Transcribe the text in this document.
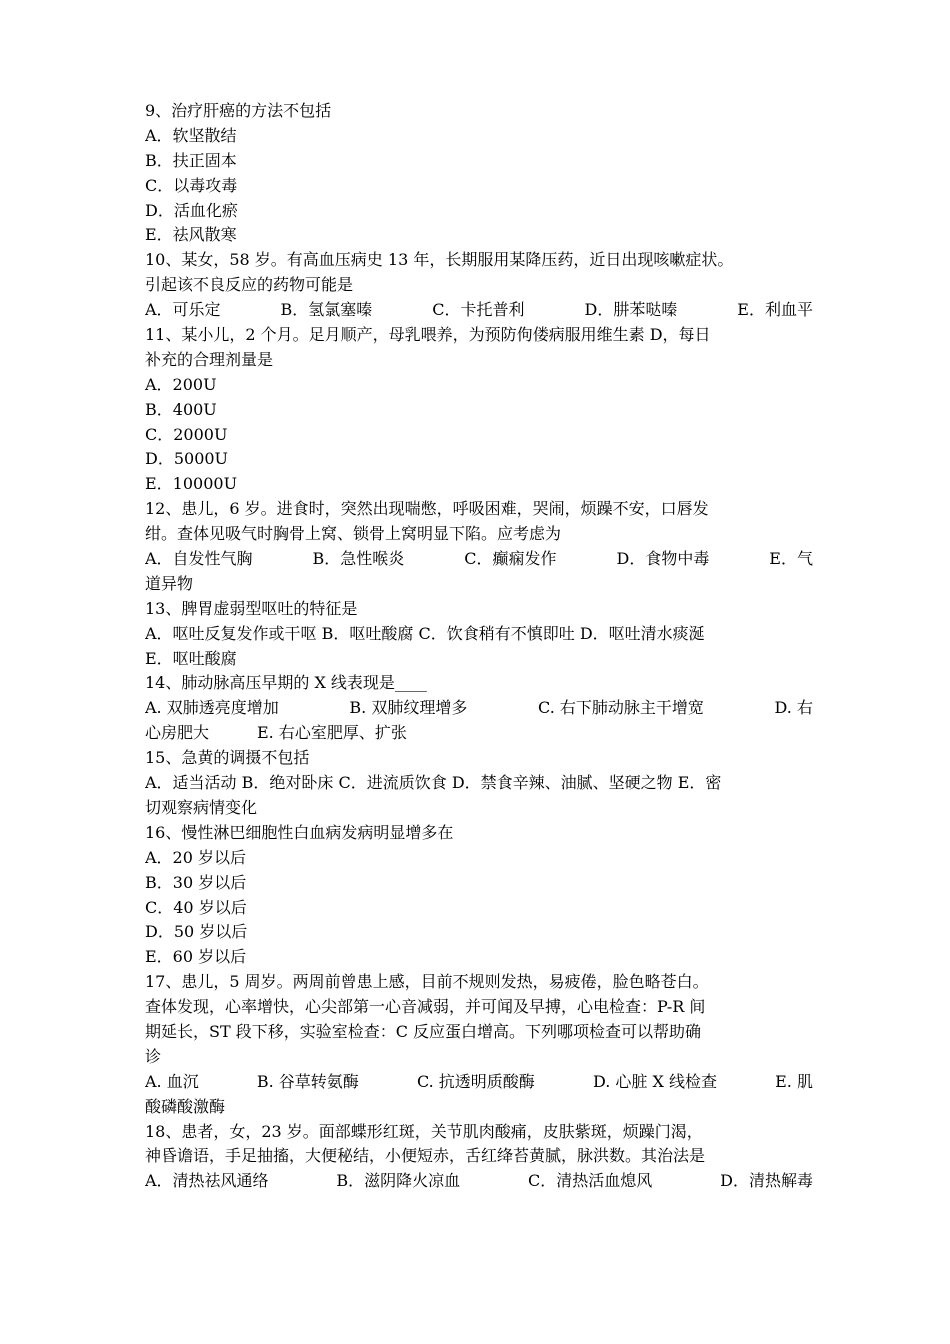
9、治疗肝癌的方法不包括
A．软坚散结
B．扶正固本
C．以毒攻毒
D．活血化瘀
E．祛风散寒
10、某女，58 岁。有高血压病史 13 年，长期服用某降压药，近日出现咳嗽症状。
引起该不良反应的药物可能是
A．可乐定	B．氢氯塞嗪	C．卡托普利	D．肼苯哒嗪	E．利血平
11、某小儿，2 个月。足月顺产，母乳喂养，为预防佝偻病服用维生素 D，每日
补充的合理剂量是
A．200U
B．400U
C．2000U
D．5000U
E．10000U
12、患儿，6 岁。进食时，突然出现喘憋，呼吸困难，哭闹，烦躁不安，口唇发
绀。查体见吸气时胸骨上窝、锁骨上窝明显下陷。应考虑为
A．自发性气胸	B．急性喉炎	C．癫痫发作	D．食物中毒	E．气
道异物
13、脾胃虚弱型呕吐的特征是
A．呕吐反复发作或干呕 B．呕吐酸腐 C．饮食稍有不慎即吐 D．呕吐清水痰涎
E．呕吐酸腐
14、肺动脉高压早期的 X 线表现是____
A. 双肺透亮度增加	B. 双肺纹理增多	C. 右下肺动脉主干增宽	D. 右
心房肥大	E. 右心室肥厚、扩张
15、急黄的调摄不包括
A．适当活动 B．绝对卧床 C．进流质饮食 D．禁食辛辣、油腻、坚硬之物 E．密
切观察病情变化
16、慢性淋巴细胞性白血病发病明显增多在
A．20 岁以后
B．30 岁以后
C．40 岁以后
D．50 岁以后
E．60 岁以后
17、患儿，5 周岁。两周前曾患上感，目前不规则发热，易疲倦，脸色略苍白。
查体发现，心率增快，心尖部第一心音减弱，并可闻及早搏，心电检查：P-R 间
期延长，ST 段下移，实验室检查：C 反应蛋白增高。下列哪项检查可以帮助确
诊
A. 血沉	B. 谷草转氨酶	C. 抗透明质酸酶	D. 心脏 X 线检查	E. 肌
酸磷酸激酶
18、患者，女，23 岁。面部蝶形红斑，关节肌肉酸痛，皮肤紫斑，烦躁门渴，
神昏谵语，手足抽搐，大便秘结，小便短赤，舌红绛苔黄腻，脉洪数。其治法是
A．清热祛风通络	B．滋阴降火凉血	C．清热活血熄风	D．清热解毒
